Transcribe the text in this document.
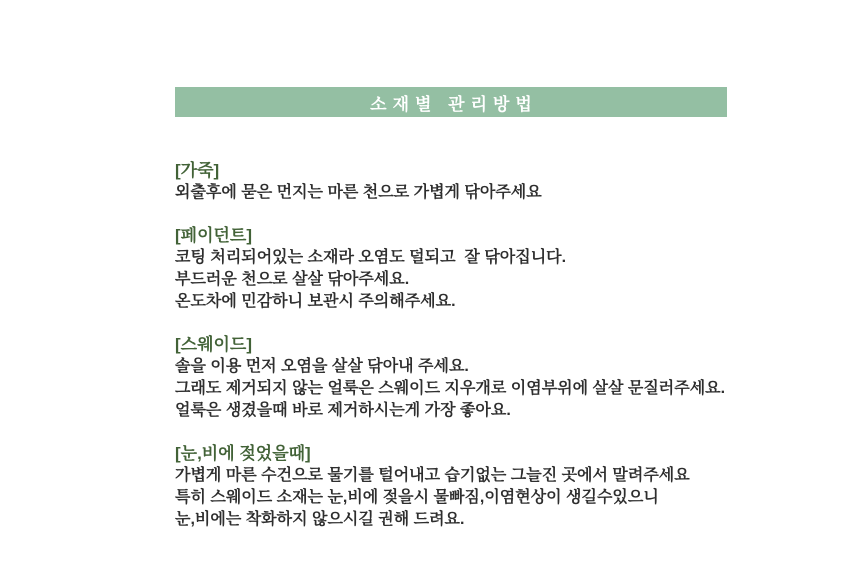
소재별 관리방법
[가죽]

외출후에 묻은 먼지는 마른 천으로 가볍게 닦아주세요

[페이던트]

코팅 처리되어있는 소재라 오염도 덜되고  잘 닦아집니다.

부드러운 천으로 살살 닦아주세요.

온도차에 민감하니 보관시 주의해주세요.

[스웨이드]

솔을 이용 먼저 오염을 살살 닦아내 주세요.

그래도 제거되지 않는 얼룩은 스웨이드 지우개로 이염부위에 살살 문질러주세요.

얼룩은 생겼을때 바로 제거하시는게 가장 좋아요.

[눈,비에 젖었을때]

가볍게 마른 수건으로 물기를 털어내고 습기없는 그늘진 곳에서 말려주세요

특히 스웨이드 소재는 눈,비에 젖을시 물빠짐,이염현상이 생길수있으니

눈,비에는 착화하지 않으시길 권해 드려요.
